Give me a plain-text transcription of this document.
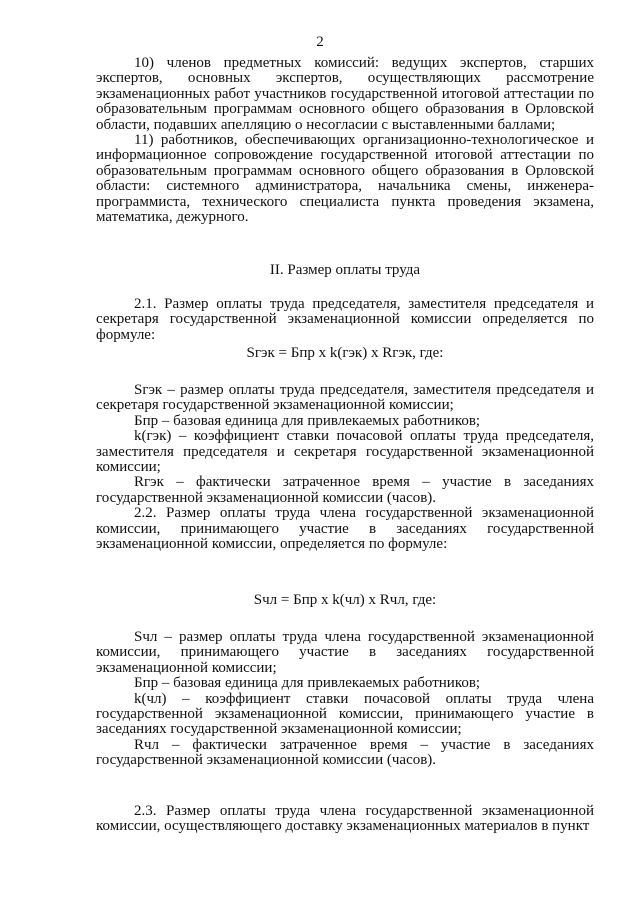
2

10) членов предметных комиссий: ведущих экспертов, старших экспертов, основных экспертов, осуществляющих рассмотрение экзаменационных работ участников государственной итоговой аттестации по образовательным программам основного общего образования в Орловской области, подавших апелляцию о несогласии с выставленными баллами;

11) работников, обеспечивающих организационно-технологическое и информационное сопровождение государственной итоговой аттестации по образовательным программам основного общего образования в Орловской области: системного администратора, начальника смены, инженера-программиста, технического специалиста пункта проведения экзамена, математика, дежурного.

II. Размер оплаты труда

2.1. Размер оплаты труда председателя, заместителя председателя и секретаря государственной экзаменационной комиссии определяется по формуле:

Sгэк = Бпр х k(гэк) х Rгэк, где:

Sгэк – размер оплаты труда председателя, заместителя председателя и секретаря государственной экзаменационной комиссии;

Бпр – базовая единица для привлекаемых работников;

k(гэк) – коэффициент ставки почасовой оплаты труда председателя, заместителя председателя и секретаря государственной экзаменационной комиссии;

Rгэк – фактически затраченное время – участие в заседаниях государственной экзаменационной комиссии (часов).

2.2. Размер оплаты труда члена государственной экзаменационной комиссии, принимающего участие в заседаниях государственной экзаменационной комиссии, определяется по формуле:

Sчл = Бпр х k(чл) х Rчл, где:

Sчл – размер оплаты труда члена государственной экзаменационной комиссии, принимающего участие в заседаниях государственной экзаменационной комиссии;

Бпр – базовая единица для привлекаемых работников;

k(чл) – коэффициент ставки почасовой оплаты труда члена государственной экзаменационной комиссии, принимающего участие в заседаниях государственной экзаменационной комиссии;

Rчл – фактически затраченное время – участие в заседаниях государственной экзаменационной комиссии (часов).

2.3. Размер оплаты труда члена государственной экзаменационной комиссии, осуществляющего доставку экзаменационных материалов в пункт
